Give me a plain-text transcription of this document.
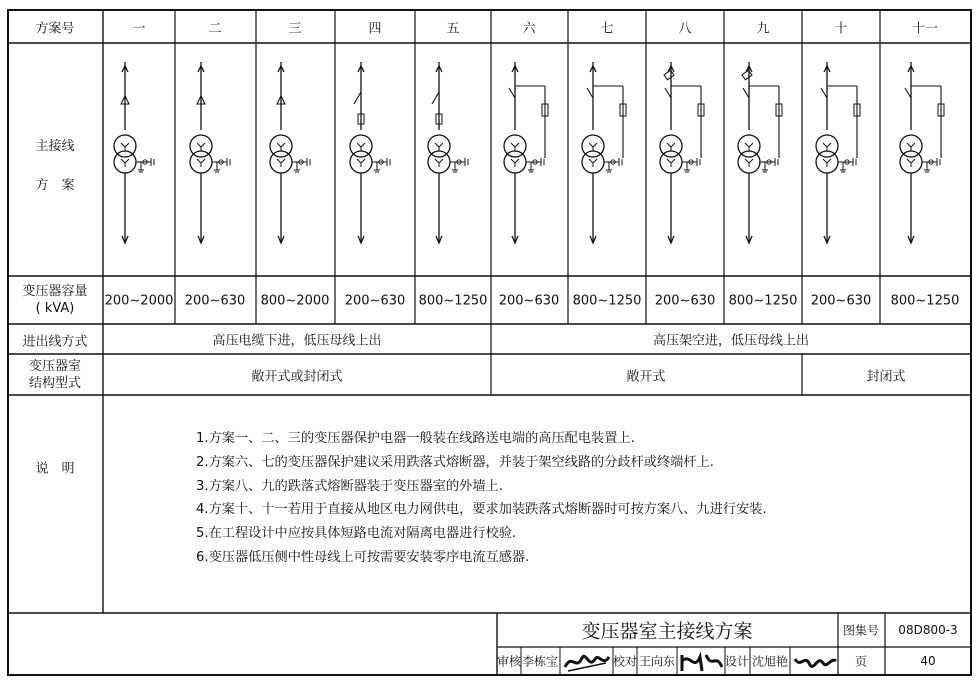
方案号	一	二	三	四	五	六	七	八	九	十	十一
主接线
方　案
变压器容量
( kVA)	200~2000 200~630 800~2000 200~630 800~1250 200~630 800~1250 200~630 800~1250 200~630 800~1250
进出线方式	高压电缆下进，低压母线上出	高压架空进，低压母线上出
变压器室
结构型式	敞开式或封闭式	敞开式	封闭式
说　明
1.方案一、二、三的变压器保护电器一般装在线路送电端的高压配电装置上.
2.方案六、七的变压器保护建议采用跌落式熔断器，并装于架空线路的分歧杆或终端杆上.
3.方案八、九的跌落式熔断器装于变压器室的外墙上.
4.方案十、十一若用于直接从地区电力网供电，要求加装跌落式熔断器时可按方案八、九进行安装.
5.在工程设计中应按具体短路电流对隔离电器进行校验.
6.变压器低压侧中性母线上可按需要安装零序电流互感器.
变压器室主接线方案	图集号 08D800-3
审核 李栋宝	校对 王向东	设计 沈旭艳	页	40
